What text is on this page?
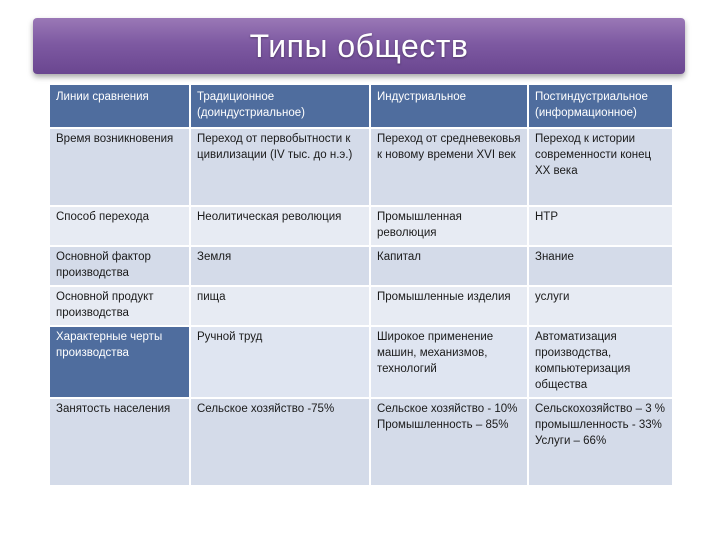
Типы обществ
Линии сравнения	Традиционное (доиндустриальное)	Индустриальное	Постиндустриальное (информационное)
Время возникновения	Переход от первобытности к цивилизации (IV тыс. до н.э.)	Переход от средневековья к новому времени XVI век	Переход к истории современности конец XX века
Способ перехода	Неолитическая революция	Промышленная революция	НТР
Основной фактор производства	Земля	Капитал	Знание
Основной продукт производства	пища	Промышленные изделия	услуги
Характерные черты производства	Ручной труд	Широкое применение машин, механизмов, технологий	Автоматизация производства, компьютеризация общества
Занятость населения	Сельское хозяйство -75%	Сельское хозяйство - 10% Промышленность – 85%	Сельскохозяйство – 3 % промышленность - 33% Услуги – 66%
